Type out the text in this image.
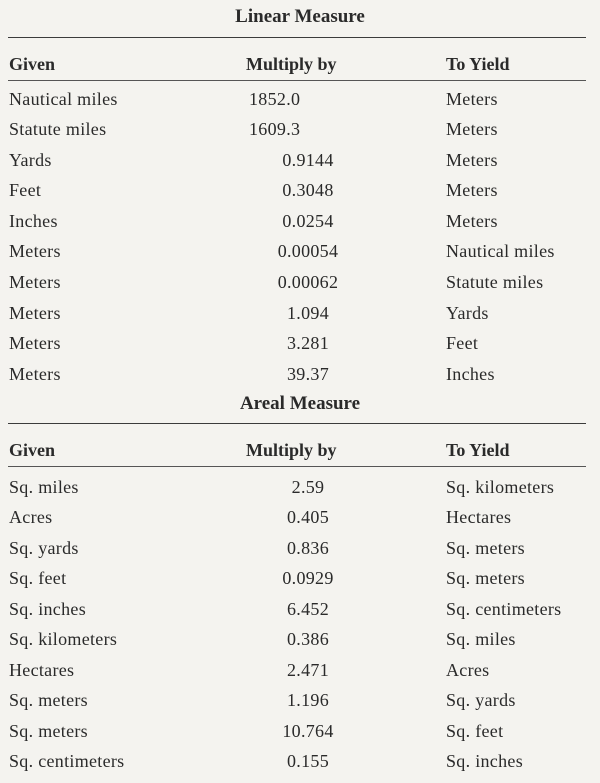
Linear Measure
Given	Multiply by	To Yield
Nautical miles	1852.0	Meters
Statute miles	1609.3	Meters
Yards	0.9144	Meters
Feet	0.3048	Meters
Inches	0.0254	Meters
Meters	0.00054	Nautical miles
Meters	0.00062	Statute miles
Meters	1.094	Yards
Meters	3.281	Feet
Meters	39.37	Inches
Areal Measure
Given	Multiply by	To Yield
Sq. miles	2.59	Sq. kilometers
Acres	0.405	Hectares
Sq. yards	0.836	Sq. meters
Sq. feet	0.0929	Sq. meters
Sq. inches	6.452	Sq. centimeters
Sq. kilometers	0.386	Sq. miles
Hectares	2.471	Acres
Sq. meters	1.196	Sq. yards
Sq. meters	10.764	Sq. feet
Sq. centimeters	0.155	Sq. inches
